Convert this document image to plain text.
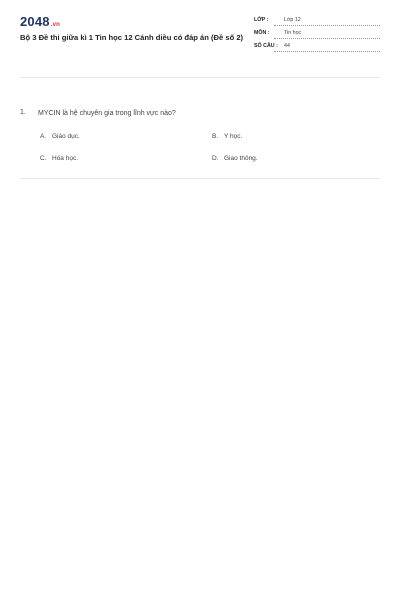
2048.vn
Bộ 3 Đề thi giữa kì 1 Tin học 12 Cánh diều có đáp án (Đề số 2)
LỚP :	Lớp 12
MÔN :	Tin học
SỐ CÂU :	44
1. MYCIN là hệ chuyên gia trong lĩnh vực nào?
A. Giáo dục.	B. Y học.
C. Hóa học.	D. Giao thông.
